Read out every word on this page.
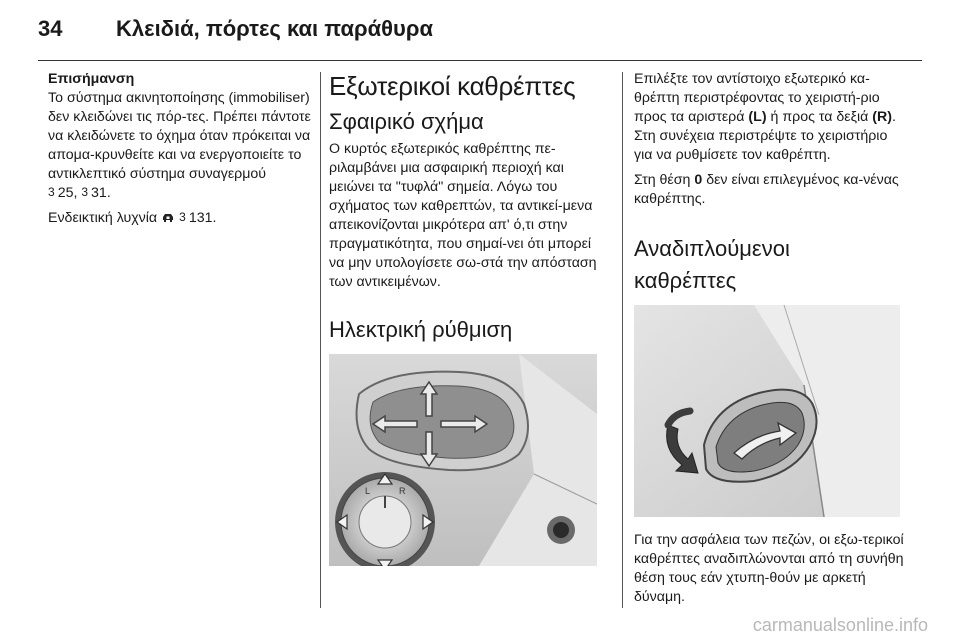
34 Κλειδιά, πόρτες και παράθυρα

Επισήμανση

Το σύστημα ακινητοποίησης (immobiliser) δεν κλειδώνει τις πόρ-τες. Πρέπει πάντοτε να κλειδώνετε το όχημα όταν πρόκειται να απομα-κρυνθείτε και να ενεργοποιείτε το αντικλεπτικό σύστημα συναγερμού
3 25, 3 31.

Ενδεικτική λυχνία 3 131.

Εξωτερικοί καθρέπτες
Σφαιρικό σχήμα

Ο κυρτός εξωτερικός καθρέπτης πε-ριλαμβάνει μια ασφαιρική περιοχή και μειώνει τα "τυφλά" σημεία. Λόγω του σχήματος των καθρεπτών, τα αντικεί-μενα απεικονίζονται μικρότερα απ' ό,τι στην πραγματικότητα, που σημαί-νει ότι μπορεί να μην υπολογίσετε σω-στά την απόσταση των αντικειμένων.

Ηλεκτρική ρύθμιση
L	R

Επιλέξτε τον αντίστοιχο εξωτερικό κα-θρέπτη περιστρέφοντας το χειριστή-ριο προς τα αριστερά (L) ή προς τα δεξιά (R). Στη συνέχεια περιστρέψτε το χειριστήριο για να ρυθμίσετε τον καθρέπτη.

Στη θέση 0 δεν είναι επιλεγμένος κα-νένας καθρέπτης.

Αναδιπλούμενοι καθρέπτες

Για την ασφάλεια των πεζών, οι εξω-τερικοί καθρέπτες αναδιπλώνονται από τη συνήθη θέση τους εάν χτυπη-θούν με αρκετή δύναμη.

carmanualsonline.info
